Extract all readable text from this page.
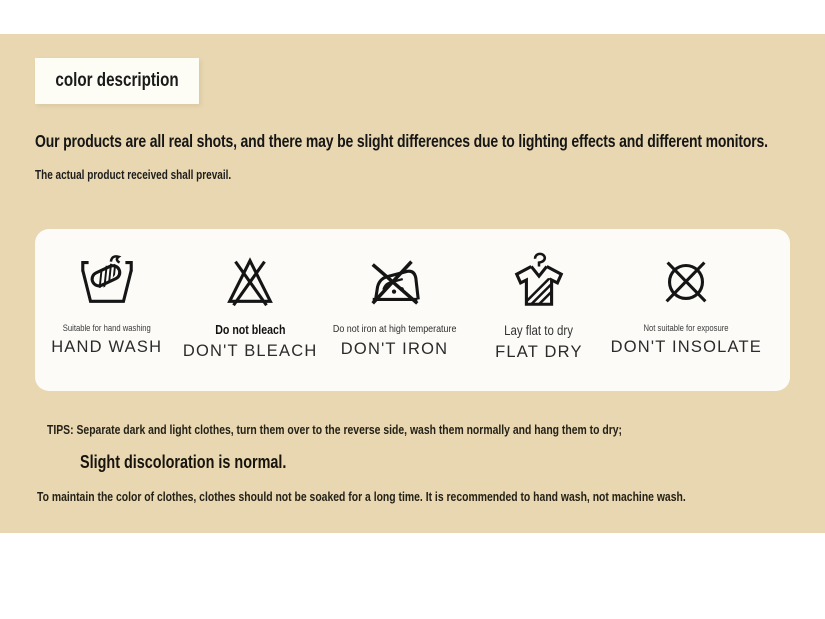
color description
Our products are all real shots, and there may be slight differences due to lighting effects and different monitors.
The actual product received shall prevail.
Suitable for hand washing
HAND WASH
Do not bleach
DON'T BLEACH
Do not iron at high temperature
DON'T IRON
Lay flat to dry
FLAT DRY
Not suitable for exposure
DON'T INSOLATE
TIPS: Separate dark and light clothes, turn them over to the reverse side, wash them normally and hang them to dry;
Slight discoloration is normal.
To maintain the color of clothes, clothes should not be soaked for a long time. It is recommended to hand wash, not machine wash.
